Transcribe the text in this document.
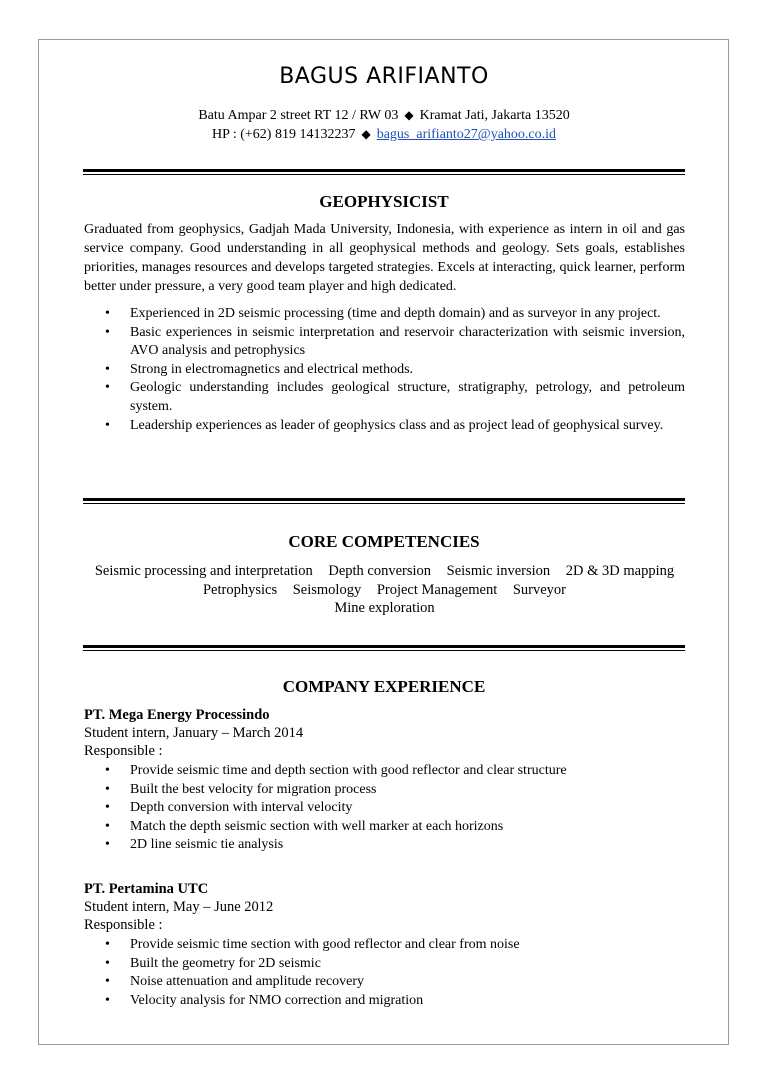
BAGUS ARIFIANTO
Batu Ampar 2 street RT 12 / RW 03 ◆ Kramat Jati, Jakarta 13520
HP : (+62) 819 14132237 ◆ bagus_arifianto27@yahoo.co.id
GEOPHYSICIST
Graduated from geophysics, Gadjah Mada University, Indonesia, with experience as intern in oil and gas service company. Good understanding in all geophysical methods and geology. Sets goals, establishes priorities, manages resources and develops targeted strategies. Excels at interacting, quick learner, perform better under pressure, a very good team player and high dedicated.
• Experienced in 2D seismic processing (time and depth domain) and as surveyor in any project.
• Basic experiences in seismic interpretation and reservoir characterization with seismic inversion, AVO analysis and petrophysics
• Strong in electromagnetics and electrical methods.
• Geologic understanding includes geological structure, stratigraphy, petrology, and petroleum system.
• Leadership experiences as leader of geophysics class and as project lead of geophysical survey.
CORE COMPETENCIES
Seismic processing and interpretation Depth conversion Seismic inversion 2D & 3D mapping Petrophysics Seismology Project Management Surveyor
Mine exploration
COMPANY EXPERIENCE
PT. Mega Energy Processindo
Student intern, January – March 2014
Responsible :
• Provide seismic time and depth section with good reflector and clear structure
• Built the best velocity for migration process
• Depth conversion with interval velocity
• Match the depth seismic section with well marker at each horizons
• 2D line seismic tie analysis
PT. Pertamina UTC
Student intern, May – June 2012
Responsible :
• Provide seismic time section with good reflector and clear from noise
• Built the geometry for 2D seismic
• Noise attenuation and amplitude recovery
• Velocity analysis for NMO correction and migration
